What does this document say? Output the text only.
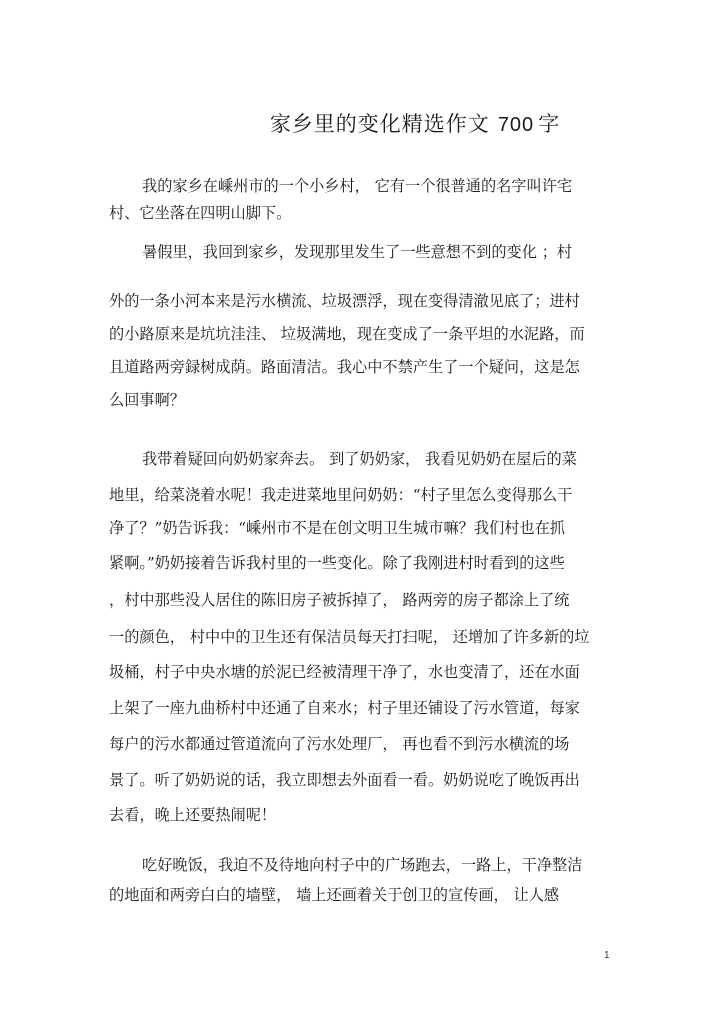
家乡里的变化精选作文 700 字
我的家乡在嵊州市的一个小乡村， 它有一个很普通的名字叫许宅
村、它坐落在四明山脚下。
暑假里，我回到家乡，发现那里发生了一些意想不到的变化 ；村
外的一条小河本来是污水横流、垃圾漂浮，现在变得清澈见底了；进村
的小路原来是坑坑洼洼、 垃圾满地，现在变成了一条平坦的水泥路，而
且道路两旁録树成荫。路面清洁。我心中不禁产生了一个疑问，这是怎
么回事啊？
我带着疑回向奶奶家奔去。 到了奶奶家， 我看见奶奶在屋后的菜
地里，给菜浇着水呢！我走进菜地里问奶奶：“村子里怎么变得那么干
净了？”奶告诉我：“嵊州市不是在创文明卫生城市嘛？我们村也在抓
紧啊。”奶奶接着告诉我村里的一些变化。除了我刚进村时看到的这些
，村中那些没人居住的陈旧房子被拆掉了， 路两旁的房子都涂上了统
一的颜色， 村中中的卫生还有保洁员每天打扫呢， 还增加了许多新的垃
圾桶，村子中央水塘的於泥已经被清理干净了，水也变清了，还在水面
上架了一座九曲桥村中还通了自来水；村子里还铺设了污水管道，每家
每户的污水都通过管道流向了污水处理厂， 再也看不到污水横流的场
景了。听了奶奶说的话，我立即想去外面看一看。奶奶说吃了晚饭再出
去看，晚上还要热闹呢！
吃好晚饭，我迫不及待地向村子中的广场跑去，一路上，干净整洁
的地面和两旁白白的墙壁， 墙上还画着关于创卫的宣传画， 让人感
1
